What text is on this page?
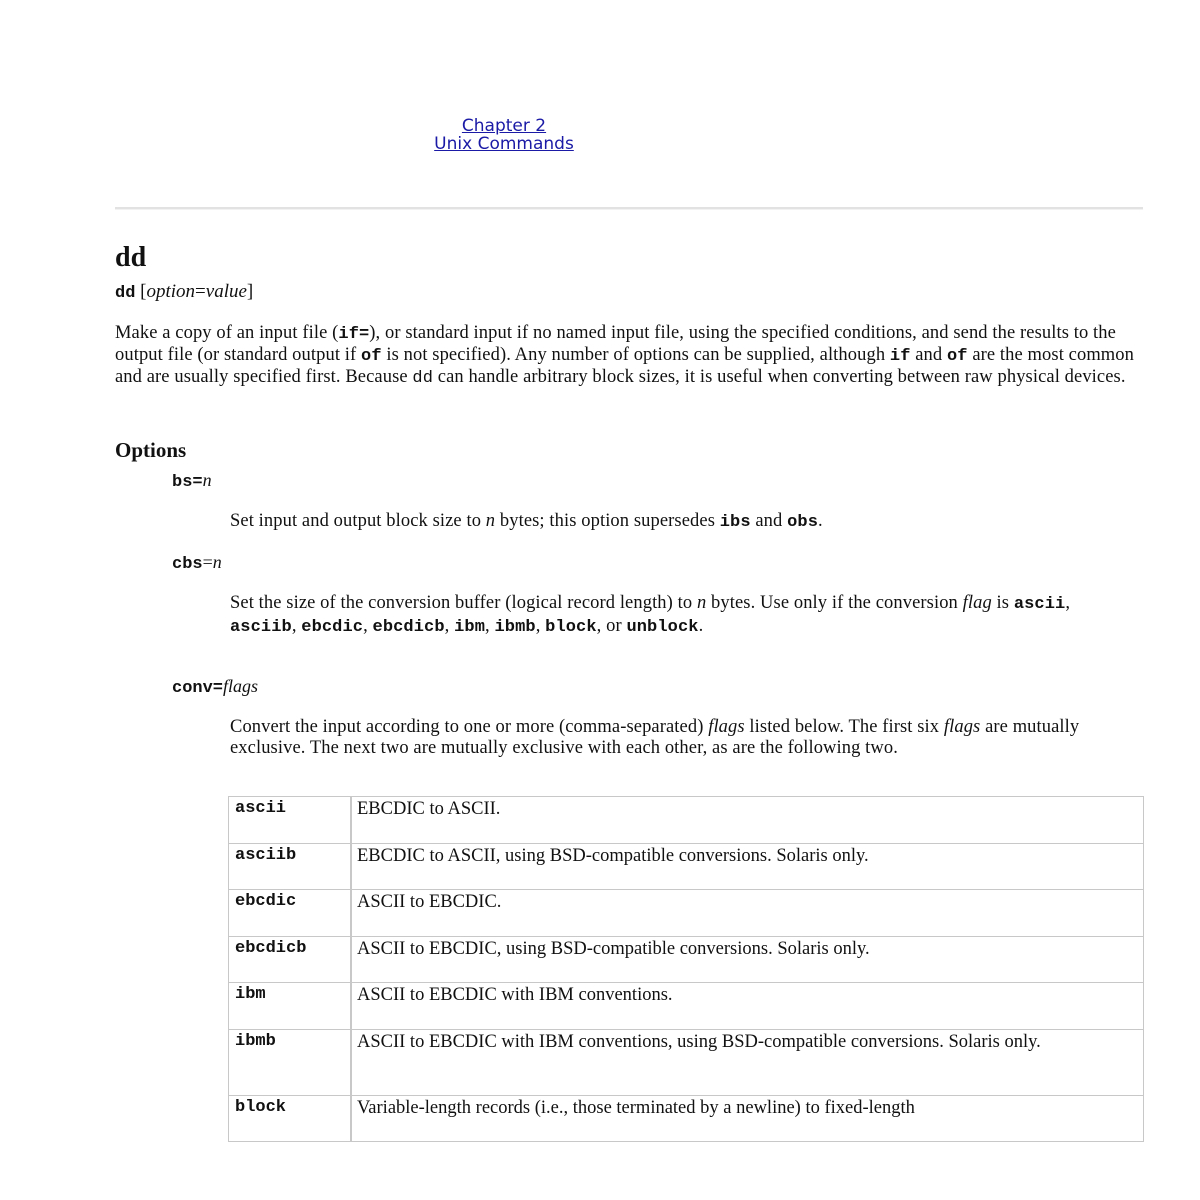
Chapter 2
Unix Commands
dd
dd [option=value]

Make a copy of an input file (if=), or standard input if no named input file, using the specified conditions, and send the results to the output file (or standard output if of is not specified). Any number of options can be supplied, although if and of are the most common and are usually specified first. Because dd can handle arbitrary block sizes, it is useful when converting between raw physical devices.

Options
bs=n

Set input and output block size to n bytes; this option supersedes ibs and obs.

cbs=n

Set the size of the conversion buffer (logical record length) to n bytes. Use only if the conversion flag is ascii, asciib, ebcdic, ebcdicb, ibm, ibmb, block, or unblock.

conv=flags

Convert the input according to one or more (comma-separated) flags listed below. The first six flags are mutually exclusive. The next two are mutually exclusive with each other, as are the following two.

ascii	EBCDIC to ASCII.
asciib	EBCDIC to ASCII, using BSD-compatible conversions. Solaris only.
ebcdic	ASCII to EBCDIC.
ebcdicb	ASCII to EBCDIC, using BSD-compatible conversions. Solaris only.
ibm	ASCII to EBCDIC with IBM conventions.
ibmb	ASCII to EBCDIC with IBM conventions, using BSD-compatible conversions. Solaris only.
block	Variable-length records (i.e., those terminated by a newline) to fixed-length
